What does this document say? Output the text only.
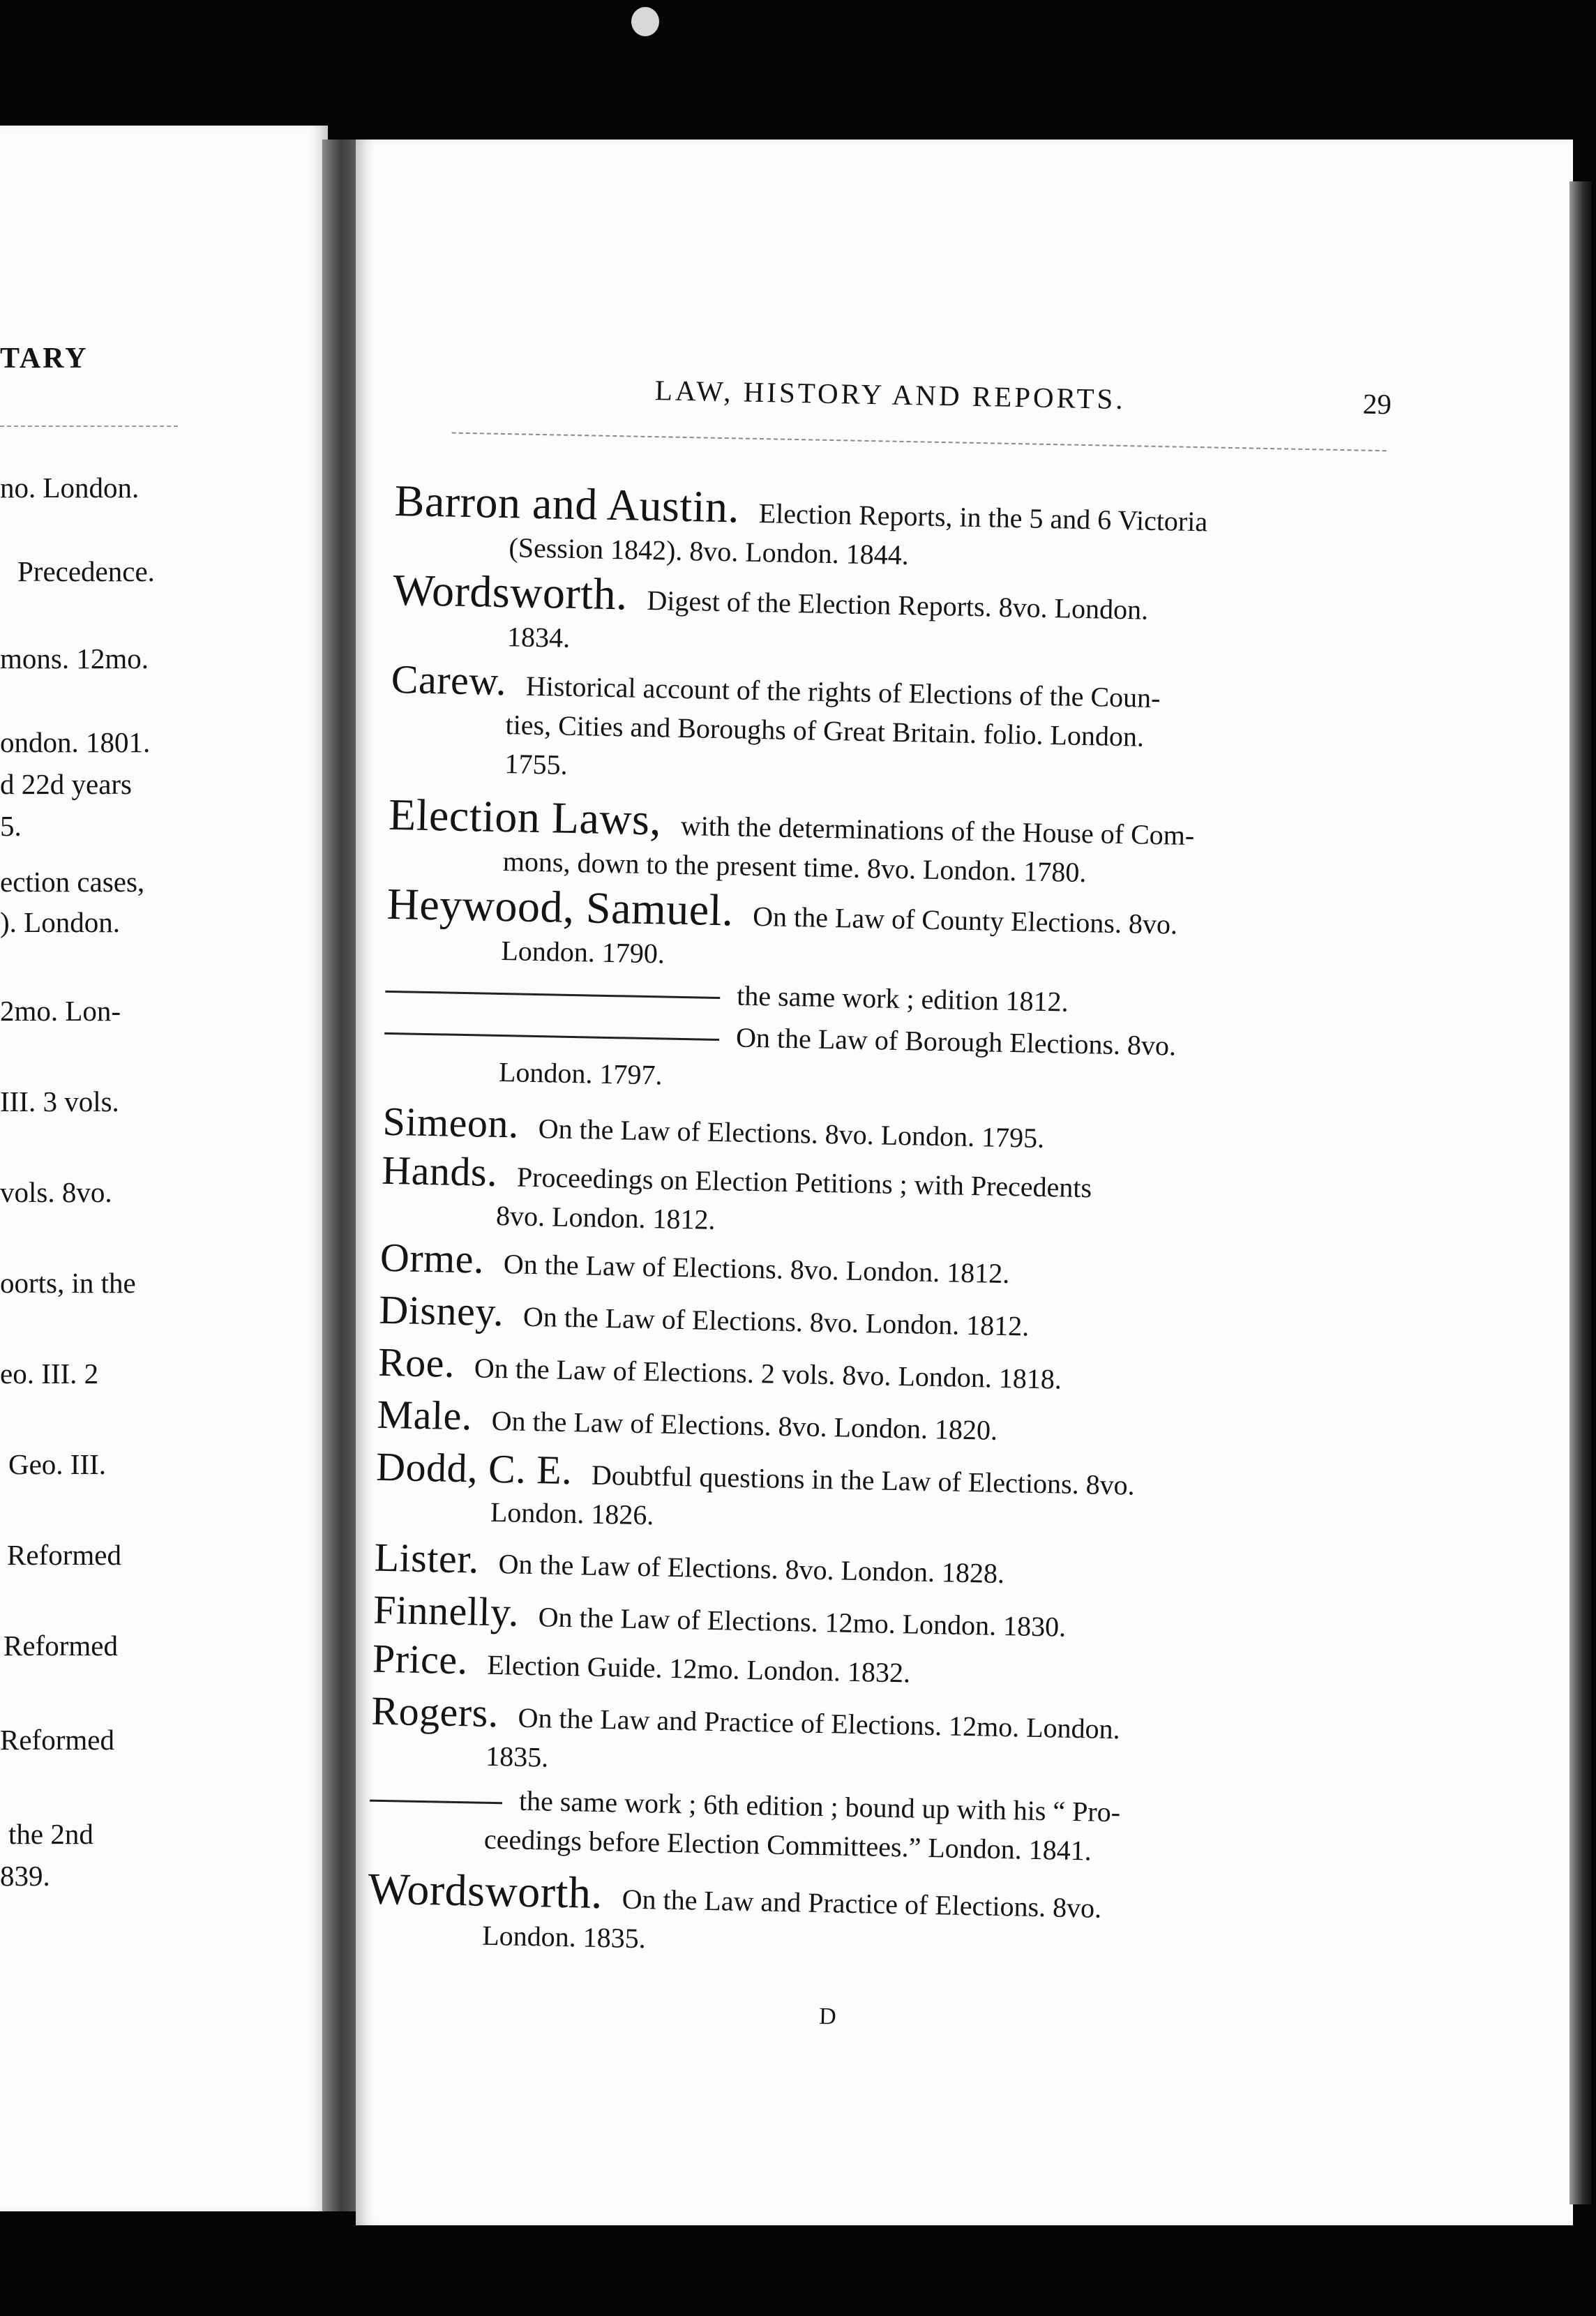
TARY
no. London.
Precedence.
mons. 12mo.
ondon. 1801.
d 22d years
5.
ection cases,
). London.
2mo. Lon-
III. 3 vols.
vols. 8vo.
oorts, in the
eo. III. 2
Geo. III.
Reformed
Reformed
Reformed
the 2nd
839.
LAW, HISTORY AND REPORTS.	29
Barron and Austin. Election Reports, in the 5 and 6 Victoria
(Session 1842). 8vo. London. 1844.
Wordsworth. Digest of the Election Reports. 8vo. London.
1834.
Carew. Historical account of the rights of Elections of the Coun-
ties, Cities and Boroughs of Great Britain. folio. London.
1755.
Election Laws, with the determinations of the House of Com-
mons, down to the present time. 8vo. London. 1780.
Heywood, Samuel. On the Law of County Elections. 8vo.
London. 1790.
the same work ; edition 1812.
On the Law of Borough Elections. 8vo.
London. 1797.
Simeon. On the Law of Elections. 8vo. London. 1795.
Hands. Proceedings on Election Petitions ; with Precedents
8vo. London. 1812.
Orme. On the Law of Elections. 8vo. London. 1812.
Disney. On the Law of Elections. 8vo. London. 1812.
Roe. On the Law of Elections. 2 vols. 8vo. London. 1818.
Male. On the Law of Elections. 8vo. London. 1820.
Dodd, C. E. Doubtful questions in the Law of Elections. 8vo.
London. 1826.
Lister. On the Law of Elections. 8vo. London. 1828.
Finnelly. On the Law of Elections. 12mo. London. 1830.
Price. Election Guide. 12mo. London. 1832.
Rogers. On the Law and Practice of Elections. 12mo. London.
1835.
the same work ; 6th edition ; bound up with his “ Pro-
ceedings before Election Committees.” London. 1841.
Wordsworth. On the Law and Practice of Elections. 8vo.
London. 1835.
D
